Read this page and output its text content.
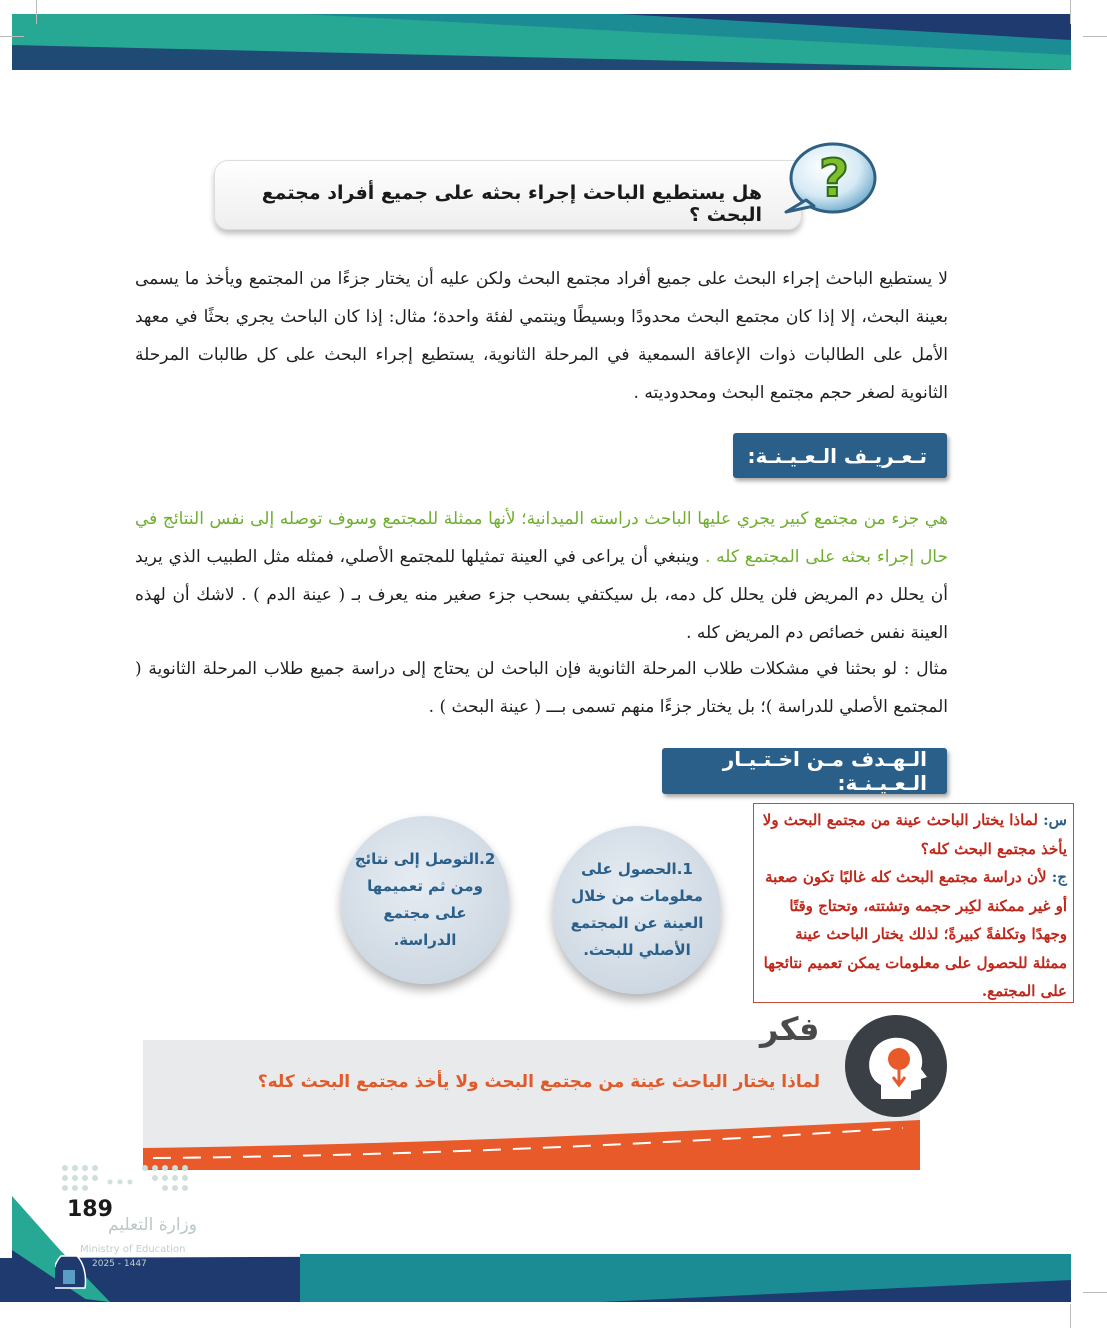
هل يستطيع الباحث إجراء بحثه على جميع أفراد مجتمع البحث ؟
?
لا يستطيع الباحث إجراء البحث على جميع أفراد مجتمع البحث ولكن عليه أن يختار جزءًا من المجتمع ويأخذ ما يسمى بعينة البحث، إلا إذا كان مجتمع البحث محدودًا وبسيطًا وينتمي لفئة واحدة؛ مثال: إذا كان الباحث يجري بحثًا في معهد الأمل على الطالبات ذوات الإعاقة السمعية في المرحلة الثانوية، يستطيع إجراء البحث على كل طالبات المرحلة الثانوية لصغر حجم مجتمع البحث ومحدوديته .
تـعـريـف الـعـيـنـة:
هي جزء من مجتمع كبير يجري عليها الباحث دراسته الميدانية؛ لأنها ممثلة للمجتمع وسوف توصله إلى نفس النتائج في حال إجراء بحثه على المجتمع كله . وينبغي أن يراعى في العينة تمثيلها للمجتمع الأصلي، فمثله مثل الطبيب الذي يريد أن يحلل دم المريض فلن يحلل كل دمه، بل سيكتفي بسحب جزء صغير منه يعرف بـ ( عينة الدم ) . لاشك أن لهذه العينة نفس خصائص دم المريض كله .
مثال : لو بحثنا في مشكلات طلاب المرحلة الثانوية فإن الباحث لن يحتاج إلى دراسة جميع طلاب المرحلة الثانوية ( المجتمع الأصلي للدراسة )؛ بل يختار جزءًا منهم تسمى بـــ ( عينة البحث ) .
الـهـدف مـن اخـتـيـار الـعـيـنـة:
1.الحصول على معلومات من خلال العينة عن المجتمع الأصلي للبحث.
2.التوصل إلى نتائج ومن ثم تعميمها على مجتمع الدراسة.
س: لماذا يختار الباحث عينة من مجتمع البحث ولا يأخذ مجتمع البحث كله؟
ج: لأن دراسة مجتمع البحث كله غالبًا تكون صعبة أو غير ممكنة لكِبر حجمه وتشتته، وتحتاج وقتًا وجهدًا وتكلفةً كبيرةً؛ لذلك يختار الباحث عينة ممثلة للحصول على معلومات يمكن تعميم نتائجها على المجتمع.
فكر
لماذا يختار الباحث عينة من مجتمع البحث ولا يأخذ مجتمع البحث كله؟
وزارة التعليم
Ministry of Education
2025 - 1447
189
